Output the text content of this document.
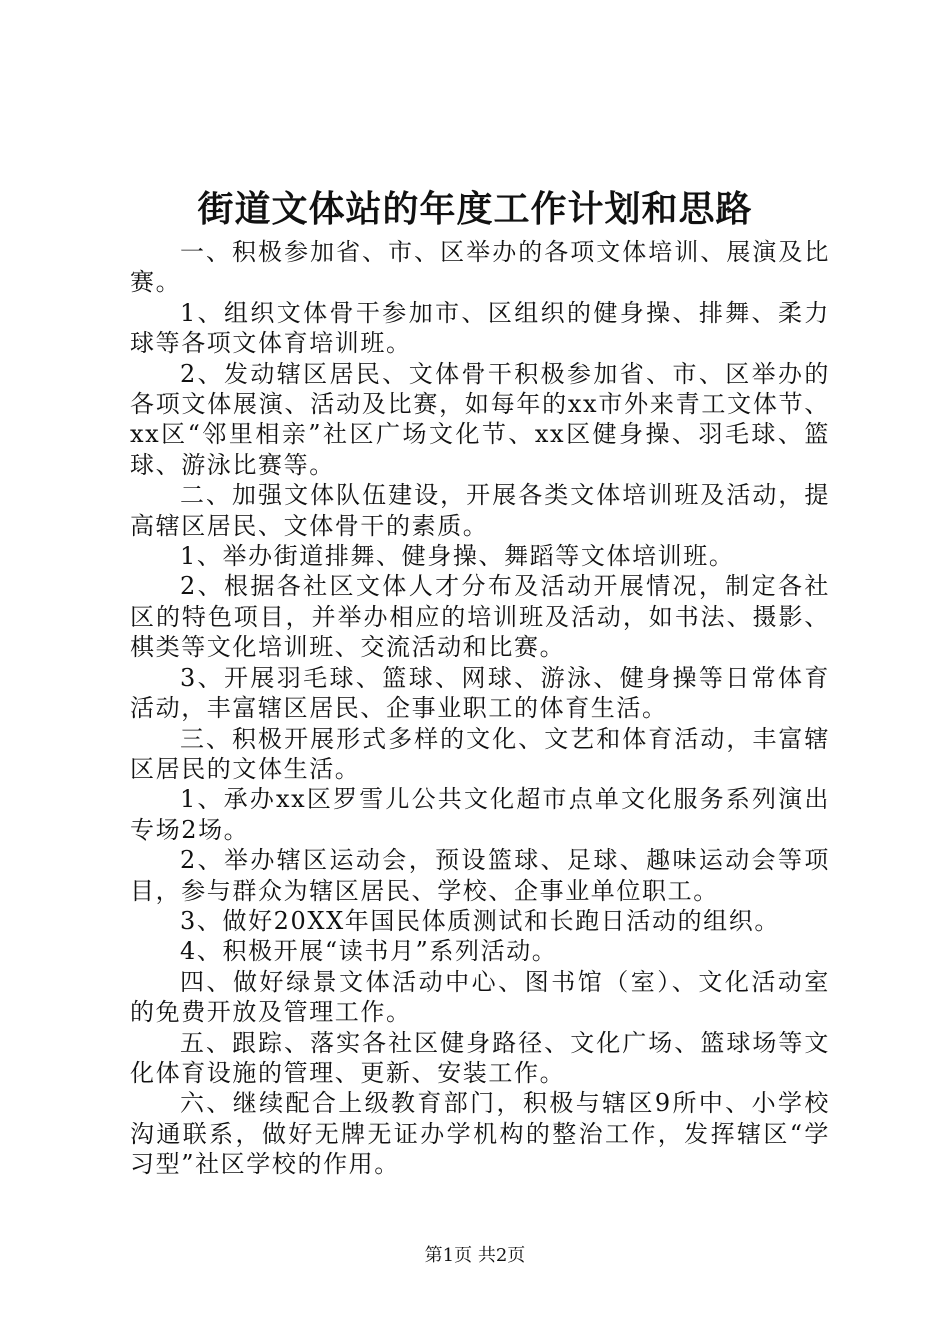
街道文体站的年度工作计划和思路

一、积极参加省、市、区举办的各项文体培训、展演及比赛。

1、组织文体骨干参加市、区组织的健身操、排舞、柔力球等各项文体育培训班。

2、发动辖区居民、文体骨干积极参加省、市、区举办的各项文体展演、活动及比赛，如每年的xx市外来青工文体节、xx区“邻里相亲”社区广场文化节、xx区健身操、羽毛球、篮球、游泳比赛等。

二、加强文体队伍建设，开展各类文体培训班及活动，提高辖区居民、文体骨干的素质。

1、举办街道排舞、健身操、舞蹈等文体培训班。

2、根据各社区文体人才分布及活动开展情况，制定各社区的特色项目，并举办相应的培训班及活动，如书法、摄影、棋类等文化培训班、交流活动和比赛。

3、开展羽毛球、篮球、网球、游泳、健身操等日常体育活动，丰富辖区居民、企事业职工的体育生活。

三、积极开展形式多样的文化、文艺和体育活动，丰富辖区居民的文体生活。

1、承办xx区罗雪儿公共文化超市点单文化服务系列演出专场2场。

2、举办辖区运动会，预设篮球、足球、趣味运动会等项目，参与群众为辖区居民、学校、企事业单位职工。

3、做好20XX年国民体质测试和长跑日活动的组织。

4、积极开展“读书月”系列活动。

四、做好绿景文体活动中心、图书馆（室）、文化活动室的免费开放及管理工作。

五、跟踪、落实各社区健身路径、文化广场、篮球场等文化体育设施的管理、更新、安装工作。

六、继续配合上级教育部门，积极与辖区9所中、小学校沟通联系，做好无牌无证办学机构的整治工作，发挥辖区“学习型”社区学校的作用。

第1页 共2页
